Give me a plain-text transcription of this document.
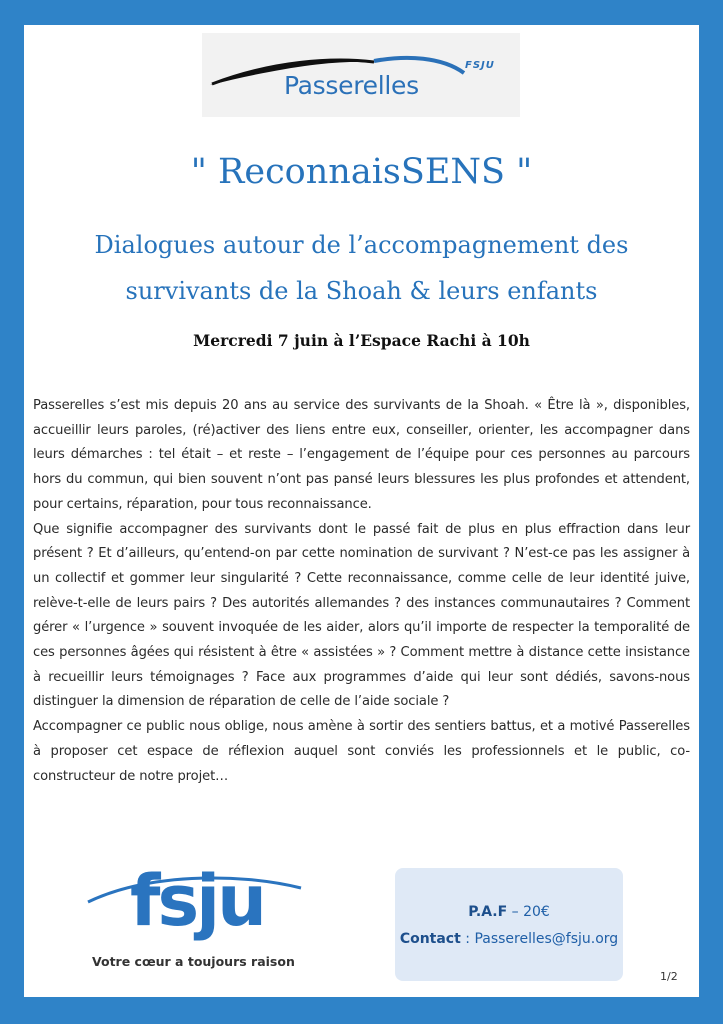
Passerelles
FSJU
" ReconnaisSENS "
Dialogues autour de l’accompagnement des survivants de la Shoah & leurs enfants
Mercredi 7 juin à l’Espace Rachi à 10h

Passerelles s’est mis depuis 20 ans au service des survivants de la Shoah. « Être là », disponibles, accueillir leurs paroles, (ré)activer des liens entre eux, conseiller, orienter, les accompagner dans leurs démarches : tel était – et reste – l’engagement de l’équipe pour ces personnes au parcours hors du commun, qui bien souvent n’ont pas pansé leurs blessures les plus profondes et attendent, pour certains, réparation, pour tous reconnaissance.

Que signifie accompagner des survivants dont le passé fait de plus en plus effraction dans leur présent ? Et d’ailleurs, qu’entend-on par cette nomination de survivant ? N’est-ce pas les assigner à un collectif et gommer leur singularité ? Cette reconnaissance, comme celle de leur identité juive, relève-t-elle de leurs pairs ? Des autorités allemandes ? des instances communautaires ? Comment gérer « l’urgence » souvent invoquée de les aider, alors qu’il importe de respecter la temporalité de ces personnes âgées qui résistent à être « assistées » ? Comment mettre à distance cette insistance à recueillir leurs témoignages ? Face aux programmes d’aide qui leur sont dédiés, savons-nous distinguer la dimension de réparation de celle de l’aide sociale ?

Accompagner ce public nous oblige, nous amène à sortir des sentiers battus, et a motivé Passerelles à proposer cet espace de réflexion auquel sont conviés les professionnels et le public, co-constructeur de notre projet…

fsju
Votre cœur a toujours raison
P.A.F – 20€
Contact : Passerelles@fsju.org
1/2
